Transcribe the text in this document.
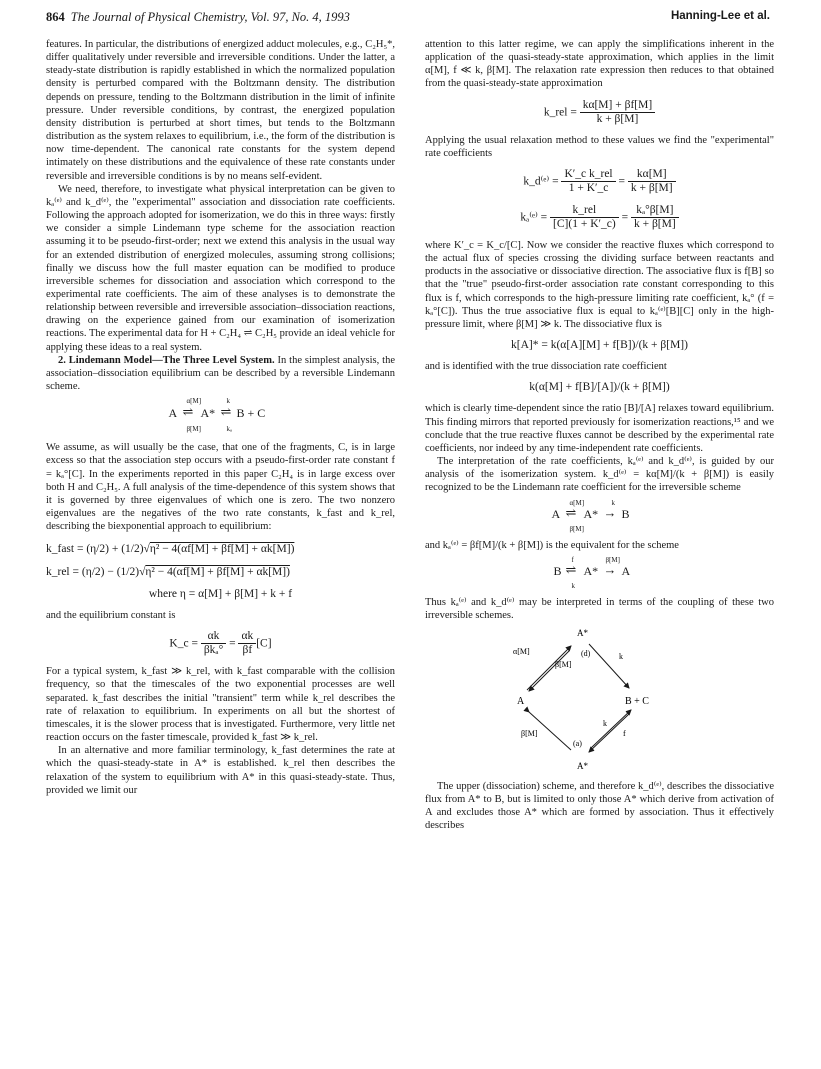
864 The Journal of Physical Chemistry, Vol. 97, No. 4, 1993	Hanning-Lee et al.

features. In particular, the distributions of energized adduct molecules, e.g., C₂H₅*, differ qualitatively under reversible and irreversible conditions. Under the latter, a steady-state distribution is rapidly established in which the normalized population density is perturbed compared with the Boltzmann density. The distribution depends on pressure, tending to the Boltzmann distribution in the limit of infinite pressure. Under reversible conditions, by contrast, the energized population density distribution is perturbed at short times, but tends to the Boltzmann distribution as the system relaxes to equilibrium, i.e., the form of the distribution is now time-dependent. The canonical rate constants for the system depend intimately on these distributions and the equivalence of these rate constants under reversible and irreversible conditions is by no means self-evident.

We need, therefore, to investigate what physical interpretation can be given to kₐ⁽ᵉ⁾ and k_d⁽ᵉ⁾, the "experimental" association and dissociation rate coefficients. Following the approach adopted for isomerization, we do this in three ways: firstly we consider a simple Lindemann type scheme for the association reaction assuming it to be pseudo-first-order; next we extend this analysis in the usual way for an extended distribution of energized molecules, assuming strong collisions; finally we discuss how the full master equation can be modified to produce irreversible schemes for dissociation and association which correspond to the experimental rate coefficients. The aim of these analyses is to demonstrate the relationship between reversible and irreversible association–dissociation reactions, drawing on the experience gained from our examination of isomerization reactions. The experimental data for H + C₂H₄ ⇌ C₂H₅ provide an ideal vehicle for applying these ideas to a real system.

2. Lindemann Model—The Three Level System. In the simplest analysis, the association–dissociation equilibrium can be described by a reversible Lindemann scheme.

α[M]	k
A ⇌ A* ⇌ B + C
β[M]	kₐ

We assume, as will usually be the case, that one of the fragments, C, is in large excess so that the association step occurs with a pseudo-first-order rate constant f = kₐ°[C]. In the experiments reported in this paper C₂H₄ is in large excess over both H and C₂H₅. A full analysis of the time-dependence of this system shows that it is governed by three eigenvalues of which one is zero. The two nonzero eigenvalues are the negatives of the two rate constants, k_fast and k_rel, describing the biexponential approach to equilibrium:

k_fast = (η/2) + (1/2)√η² − 4(αf[M] + βf[M] + αk[M])
k_rel = (η/2) − (1/2)√η² − 4(αf[M] + βf[M] + αk[M])
where η = α[M] + β[M] + k + f

and the equilibrium constant is

K_c = $\frac{\alpha k}{\text{βkₐ°}} = \frac{\alpha k}{\beta f} [C]$

For a typical system, k_fast ≫ k_rel, with k_fast comparable with the collision frequency, so that the timescales of the two exponential processes are well separated. k_fast describes the initial "transient" term while k_rel describes the rate of relaxation to equilibrium. In experiments on all but the shortest of timescales, it is the slower process that is investigated. Furthermore, very little net reaction occurs on the faster timescale, provided k_fast ≫ k_rel.

In an alternative and more familiar terminology, k_fast determines the rate at which the quasi-steady-state in A* is established. k_rel then describes the relaxation of the system to equilibrium with A* in this quasi-steady-state. Thus, provided we limit our

attention to this latter regime, we can apply the simplifications inherent in the application of the quasi-steady-state approximation, which applies in the limit α[M], f ≪ k, β[M]. The relaxation rate expression then reduces to that obtained from the quasi-steady-state approximation

k_rel = $\frac{k\alpha[M] + \beta f[M]}{k + \beta[M]}$

Applying the usual relaxation method to these values we find the "experimental" rate coefficients

k_d⁽ᵉ⁾ = $\frac{\text{K′\_c k\_rel}}{1 + K'\_c} = \frac{k\alpha[M]}{k + \beta[M]}$
kₐ⁽ᵉ⁾ = $\frac{\text{k\_rel}}{[C](1 + K'\_c)} = \frac{\text{kₐ°β[M]}}{k + \beta[M]}$

where K′_c = K_c/[C]. Now we consider the reactive fluxes which correspond to the actual flux of species crossing the dividing surface between reactants and products in the associative or dissociative direction. The associative flux is f[B] so that the "true" pseudo-first-order association rate constant corresponding to this flux is f, which corresponds to the high-pressure limiting rate coefficient, kₐ° (f = kₐ°[C]). Thus the true associative flux is equal to kₐ⁽ᵉ⁾[B][C] only in the high-pressure limit, where β[M] ≫ k. The dissociative flux is

k[A]* = k(α[A][M] + f[B])/(k + β[M])

and is identified with the true dissociation rate coefficient

k(α[M] + f[B]/[A])/(k + β[M])

which is clearly time-dependent since the ratio [B]/[A] relaxes toward equilibrium. This finding mirrors that reported previously for isomerization reactions,¹⁵ and we conclude that the true reactive fluxes cannot be described by the experimental rate coefficients, nor indeed by any time-independent rate coefficients.

The interpretation of the rate coefficients, kₐ⁽ᵉ⁾ and k_d⁽ᵉ⁾, is guided by our analysis of the isomerization system. k_d⁽ᵉ⁾ = kα[M]/(k + β[M]) is easily recognized to be the Lindemann rate coefficient for the irreversible scheme

α[M]	k
A ⇌ A* → B
β[M]

and kₐ⁽ᵉ⁾ = βf[M]/(k + β[M]) is the equivalent for the scheme

f	β[M]
B ⇌ A* → A
k

Thus kₐ⁽ᵉ⁾ and k_d⁽ᵉ⁾ may be interpreted in terms of the coupling of these two irreversible schemes.

A*
A	B + C
A*
α[M]
β[M]
(d)	k
β[M]
(a)
k
f

The upper (dissociation) scheme, and therefore k_d⁽ᵉ⁾, describes the dissociative flux from A* to B, but is limited to only those A* which derive from activation of A and excludes those A* which are formed by association. Thus it effectively describes
